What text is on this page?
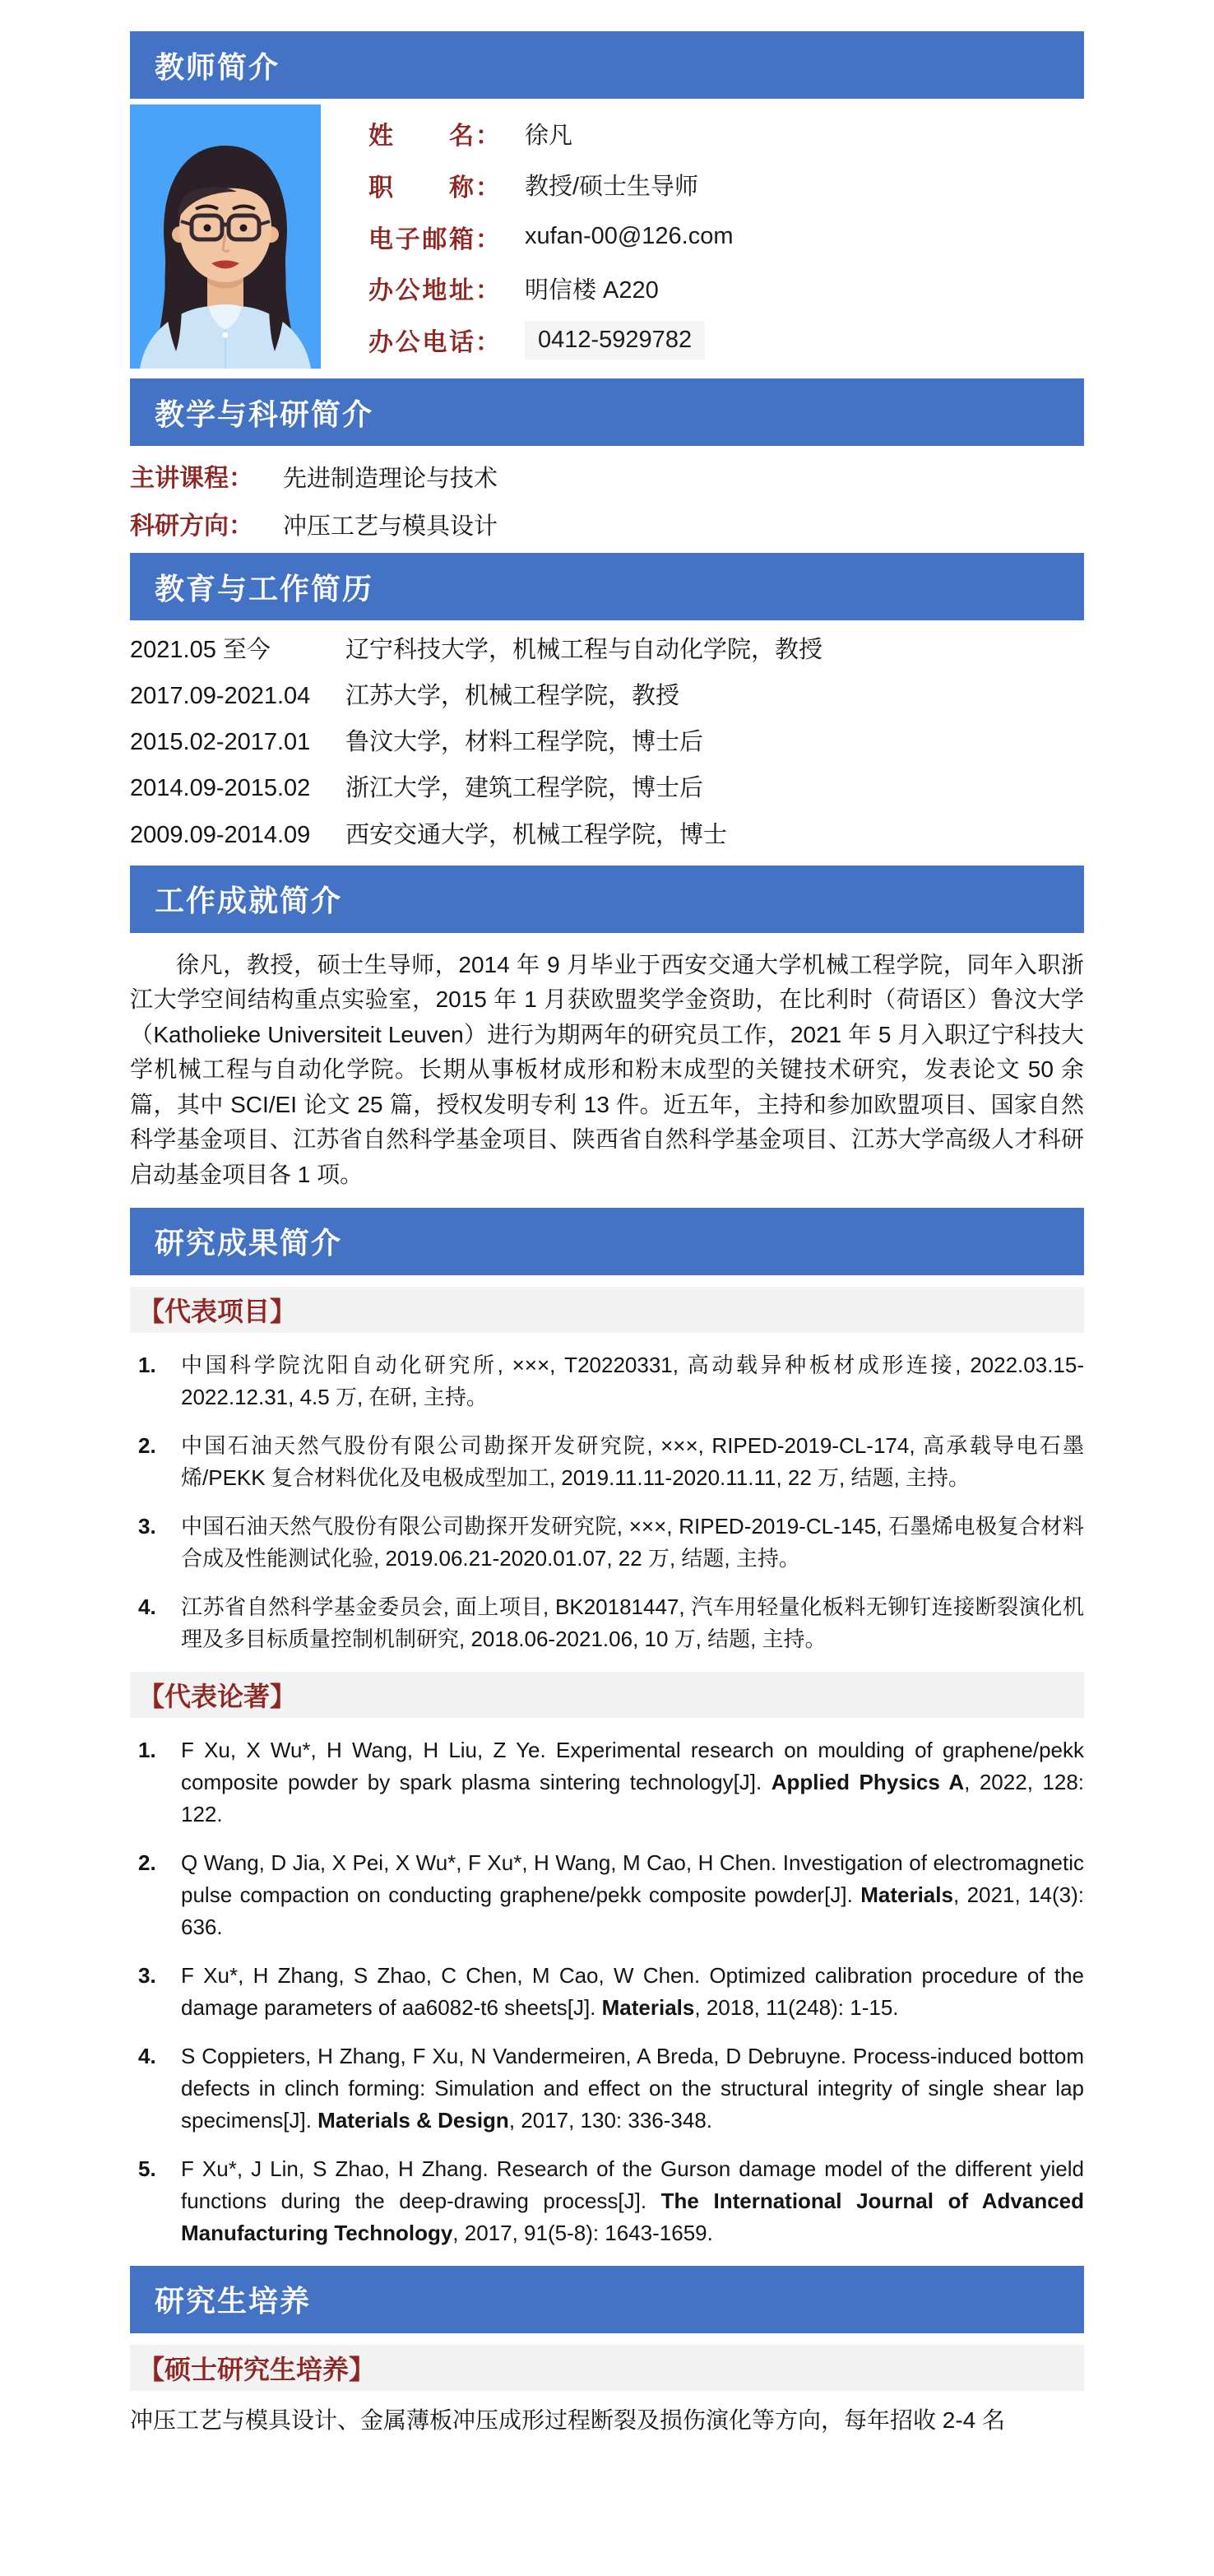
教师简介
姓名 ： 徐凡
职称 ： 教授/硕士生导师
电子邮箱 ： xufan-00@126.com
办公地址 ： 明信楼 A220
办公电话 ：	0412-5929782
教学与科研简介
主讲课程： 先进制造理论与技术
科研方向： 冲压工艺与模具设计
教育与工作简历
2021.05 至今	辽宁科技大学，机械工程与自动化学院，教授
2017.09-2021.04	江苏大学，机械工程学院，教授
2015.02-2017.01	鲁汶大学，材料工程学院，博士后
2014.09-2015.02	浙江大学，建筑工程学院，博士后
2009.09-2014.09	西安交通大学，机械工程学院，博士
工作成就简介

徐凡，教授，硕士生导师，2014 年 9 月毕业于西安交通大学机械工程学院，同年入职浙江大学空间结构重点实验室，2015 年 1 月获欧盟奖学金资助，在比利时（荷语区）鲁汶大学（Katholieke Universiteit Leuven）进行为期两年的研究员工作，2021 年 5 月入职辽宁科技大学机械工程与自动化学院。长期从事板材成形和粉末成型的关键技术研究，发表论文 50 余篇，其中 SCI/EI 论文 25 篇，授权发明专利 13 件。近五年，主持和参加欧盟项目、国家自然科学基金项目、江苏省自然科学基金项目、陕西省自然科学基金项目、江苏大学高级人才科研启动基金项目各 1 项。

研究成果简介
【代表项目】
1. 中国科学院沈阳自动化研究所, ×××, T20220331, 高动载异种板材成形连接, 2022.03.15-2022.12.31, 4.5 万, 在研, 主持。
2. 中国石油天然气股份有限公司勘探开发研究院, ×××, RIPED-2019-CL-174, 高承载导电石墨烯/PEKK 复合材料优化及电极成型加工, 2019.11.11-2020.11.11, 22 万, 结题, 主持。
3. 中国石油天然气股份有限公司勘探开发研究院, ×××, RIPED-2019-CL-145, 石墨烯电极复合材料合成及性能测试化验, 2019.06.21-2020.01.07, 22 万, 结题, 主持。
4. 江苏省自然科学基金委员会, 面上项目, BK20181447, 汽车用轻量化板料无铆钉连接断裂演化机理及多目标质量控制机制研究, 2018.06-2021.06, 10 万, 结题, 主持。
【代表论著】
1. F Xu, X Wu*, H Wang, H Liu, Z Ye. Experimental research on moulding of graphene/pekk composite powder by spark plasma sintering technology[J]. Applied Physics A, 2022, 128: 122.
2. Q Wang, D Jia, X Pei, X Wu*, F Xu*, H Wang, M Cao, H Chen. Investigation of electromagnetic pulse compaction on conducting graphene/pekk composite powder[J]. Materials, 2021, 14(3): 636.
3. F Xu*, H Zhang, S Zhao, C Chen, M Cao, W Chen. Optimized calibration procedure of the damage parameters of aa6082-t6 sheets[J]. Materials, 2018, 11(248): 1-15.
4. S Coppieters, H Zhang, F Xu, N Vandermeiren, A Breda, D Debruyne. Process-induced bottom defects in clinch forming: Simulation and effect on the structural integrity of single shear lap specimens[J]. Materials & Design, 2017, 130: 336-348.
5. F Xu*, J Lin, S Zhao, H Zhang. Research of the Gurson damage model of the different yield functions during the deep-drawing process[J]. The International Journal of Advanced Manufacturing Technology, 2017, 91(5-8): 1643-1659.
研究生培养
【硕士研究生培养】

冲压工艺与模具设计、金属薄板冲压成形过程断裂及损伤演化等方向，每年招收 2-4 名
